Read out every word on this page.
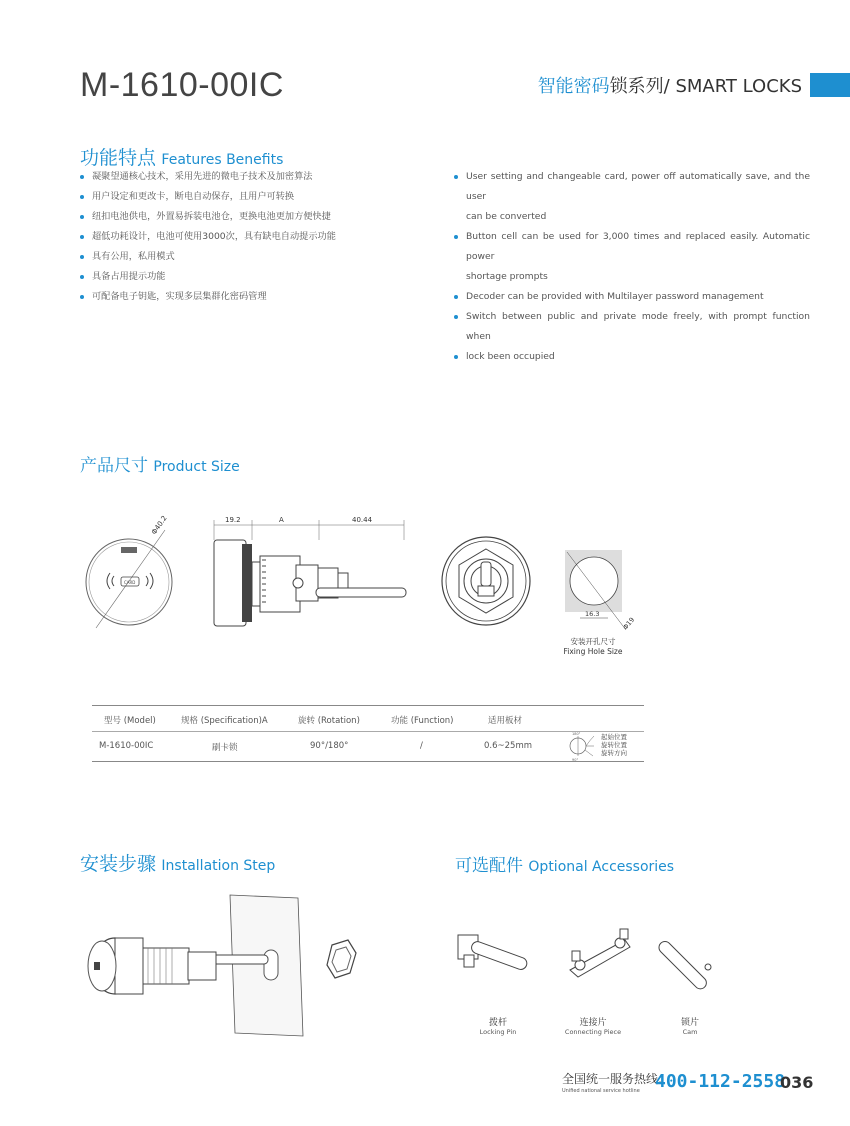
M-1610-00IC	智能密码锁系列/ SMART LOCKS
功能特点 Features Benefits
凝聚望通核心技术，采用先进的微电子技术及加密算法
用户设定和更改卡，断电自动保存，且用户可转换
纽扣电池供电，外置易拆装电池仓，更换电池更加方便快捷
超低功耗设计，电池可使用3000次，具有缺电自动提示功能
具有公用，私用模式
具备占用提示功能
可配备电子钥匙，实现多层集群化密码管理
User setting and changeable card, power off automatically save, and the user
can be converted
Button cell can be used for 3,000 times and replaced easily. Automatic power
shortage prompts
Decoder can be provided with Multilayer password management
Switch between public and private mode freely, with prompt function when
lock been occupied
产品尺寸 Product Size
Φ40.2
CARD
19.2	A	40.44
16.3
Φ19
安装开孔尺寸
Fixing Hole Size
型号 (Model)	规格 (Specification)A	旋转 (Rotation)	功能 (Function)	适用板材
M-1610-00IC	刷卡锁	90°/180°	/	0.6~25mm
180°
90°
起始位置
旋转位置
旋转方向
安装步骤 Installation Step	可选配件 Optional Accessories
拨杆
Locking Pin
连接片
Connecting Piece
锁片
Cam
全国统一服务热线:
Unified national service hotline 400-112-2558
036
